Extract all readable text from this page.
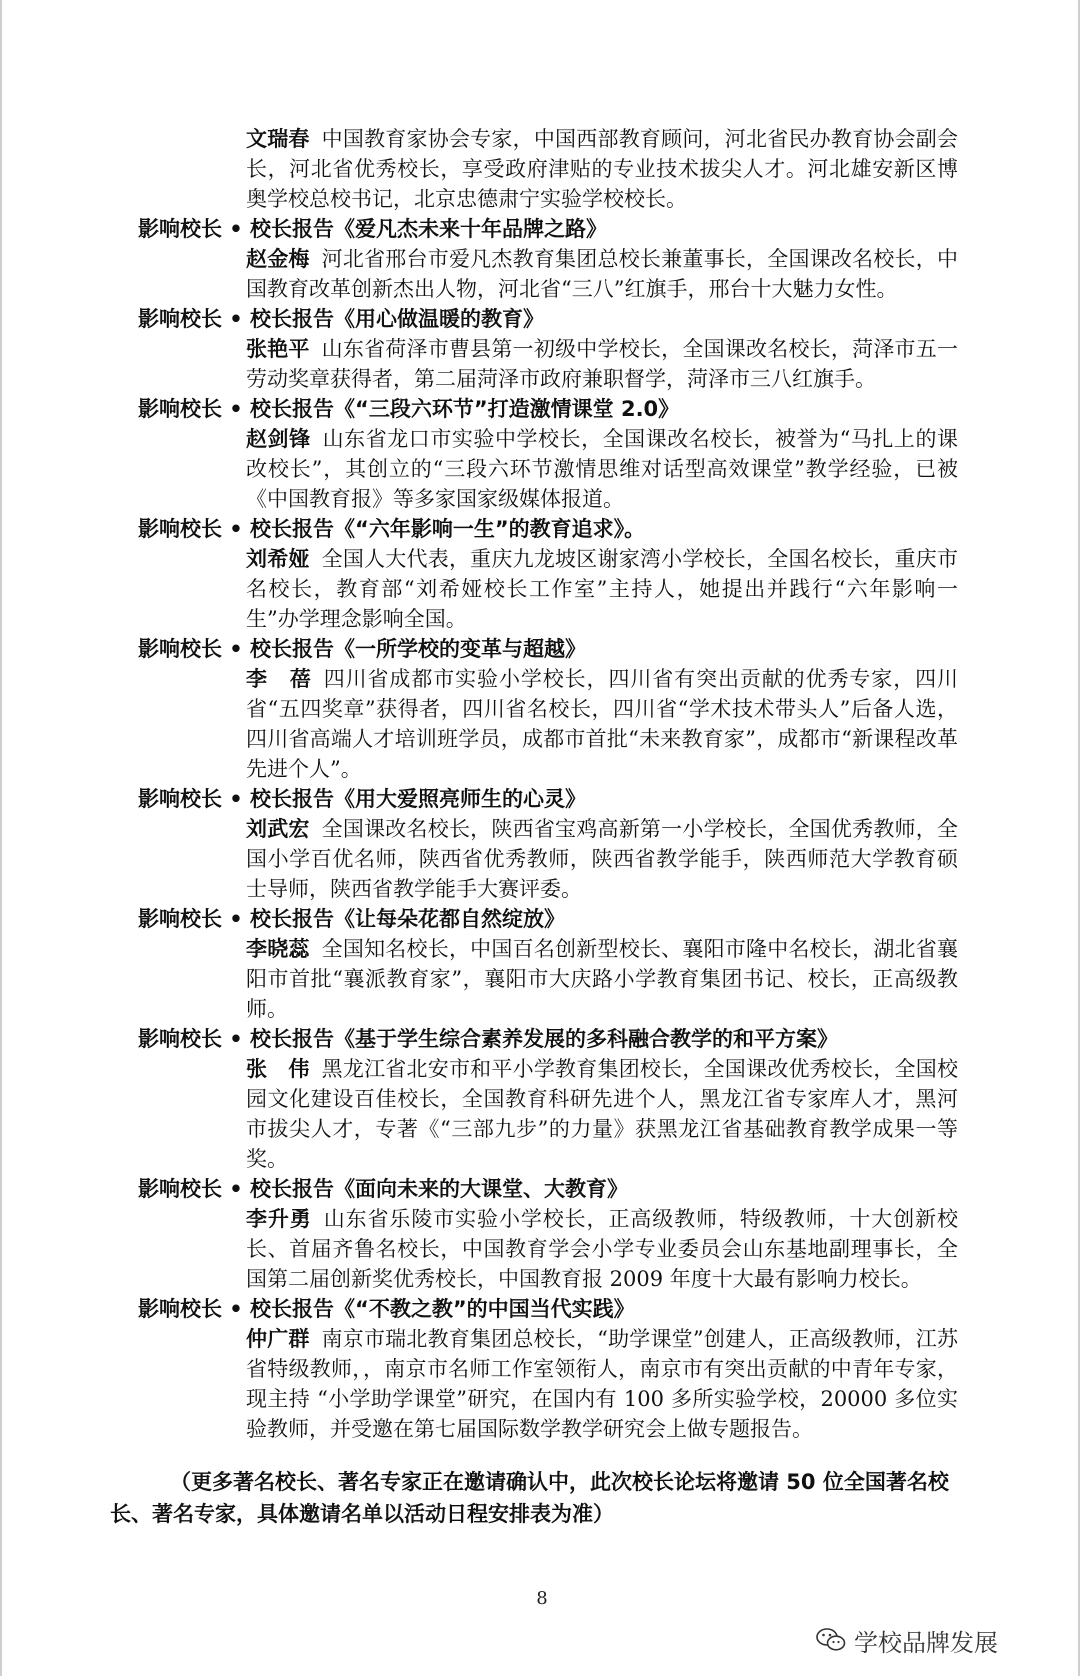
文瑞春 中国教育家协会专家，中国西部教育顾问，河北省民办教育协会副会长，河北省优秀校长，享受政府津贴的专业技术拔尖人才。河北雄安新区博奥学校总校书记，北京忠德肃宁实验学校校长。
影响校长 • 校长报告《爱凡杰未来十年品牌之路》
赵金梅 河北省邢台市爱凡杰教育集团总校长兼董事长，全国课改名校长，中国教育改革创新杰出人物，河北省“三八”红旗手，邢台十大魅力女性。
影响校长 • 校长报告《用心做温暖的教育》
张艳平 山东省荷泽市曹县第一初级中学校长，全国课改名校长，菏泽市五一劳动奖章获得者，第二届菏泽市政府兼职督学，菏泽市三八红旗手。
影响校长 • 校长报告《“三段六环节”打造激情课堂 2.0》
赵剑锋 山东省龙口市实验中学校长，全国课改名校长，被誉为“马扎上的课改校长”，其创立的“三段六环节激情思维对话型高效课堂”教学经验，已被《中国教育报》等多家国家级媒体报道。
影响校长 • 校长报告《“六年影响一生”的教育追求》。
刘希娅 全国人大代表，重庆九龙坡区谢家湾小学校长，全国名校长，重庆市名校长，教育部“刘希娅校长工作室”主持人，她提出并践行“六年影响一生”办学理念影响全国。
影响校长 • 校长报告《一所学校的变革与超越》
李　蓓 四川省成都市实验小学校长，四川省有突出贡献的优秀专家，四川省“五四奖章”获得者，四川省名校长，四川省“学术技术带头人”后备人选，四川省高端人才培训班学员，成都市首批“未来教育家”，成都市“新课程改革先进个人”。
影响校长 • 校长报告《用大爱照亮师生的心灵》
刘武宏 全国课改名校长，陕西省宝鸡高新第一小学校长，全国优秀教师，全国小学百优名师，陕西省优秀教师，陕西省教学能手，陕西师范大学教育硕士导师，陕西省教学能手大赛评委。
影响校长 • 校长报告《让每朵花都自然绽放》
李晓蕊 全国知名校长，中国百名创新型校长、襄阳市隆中名校长，湖北省襄阳市首批“襄派教育家”，襄阳市大庆路小学教育集团书记、校长，正高级教师。
影响校长 • 校长报告《基于学生综合素养发展的多科融合教学的和平方案》
张　伟 黑龙江省北安市和平小学教育集团校长，全国课改优秀校长，全国校园文化建设百佳校长，全国教育科研先进个人，黑龙江省专家库人才，黑河市拔尖人才，专著《“三部九步”的力量》获黑龙江省基础教育教学成果一等奖。
影响校长 • 校长报告《面向未来的大课堂、大教育》
李升勇 山东省乐陵市实验小学校长，正高级教师，特级教师，十大创新校长、首届齐鲁名校长，中国教育学会小学专业委员会山东基地副理事长，全国第二届创新奖优秀校长，中国教育报 2009 年度十大最有影响力校长。
影响校长 • 校长报告《“不教之教”的中国当代实践》
仲广群 南京市瑞北教育集团总校长，“助学课堂”创建人，正高级教师，江苏省特级教师，，南京市名师工作室领衔人，南京市有突出贡献的中青年专家，现主持 “小学助学课堂”研究，在国内有 100 多所实验学校，20000 多位实验教师，并受邀在第七届国际数学教学研究会上做专题报告。
（更多著名校长、著名专家正在邀请确认中，此次校长论坛将邀请 50 位全国著名校长、著名专家，具体邀请名单以活动日程安排表为准）
8
学校品牌发展
